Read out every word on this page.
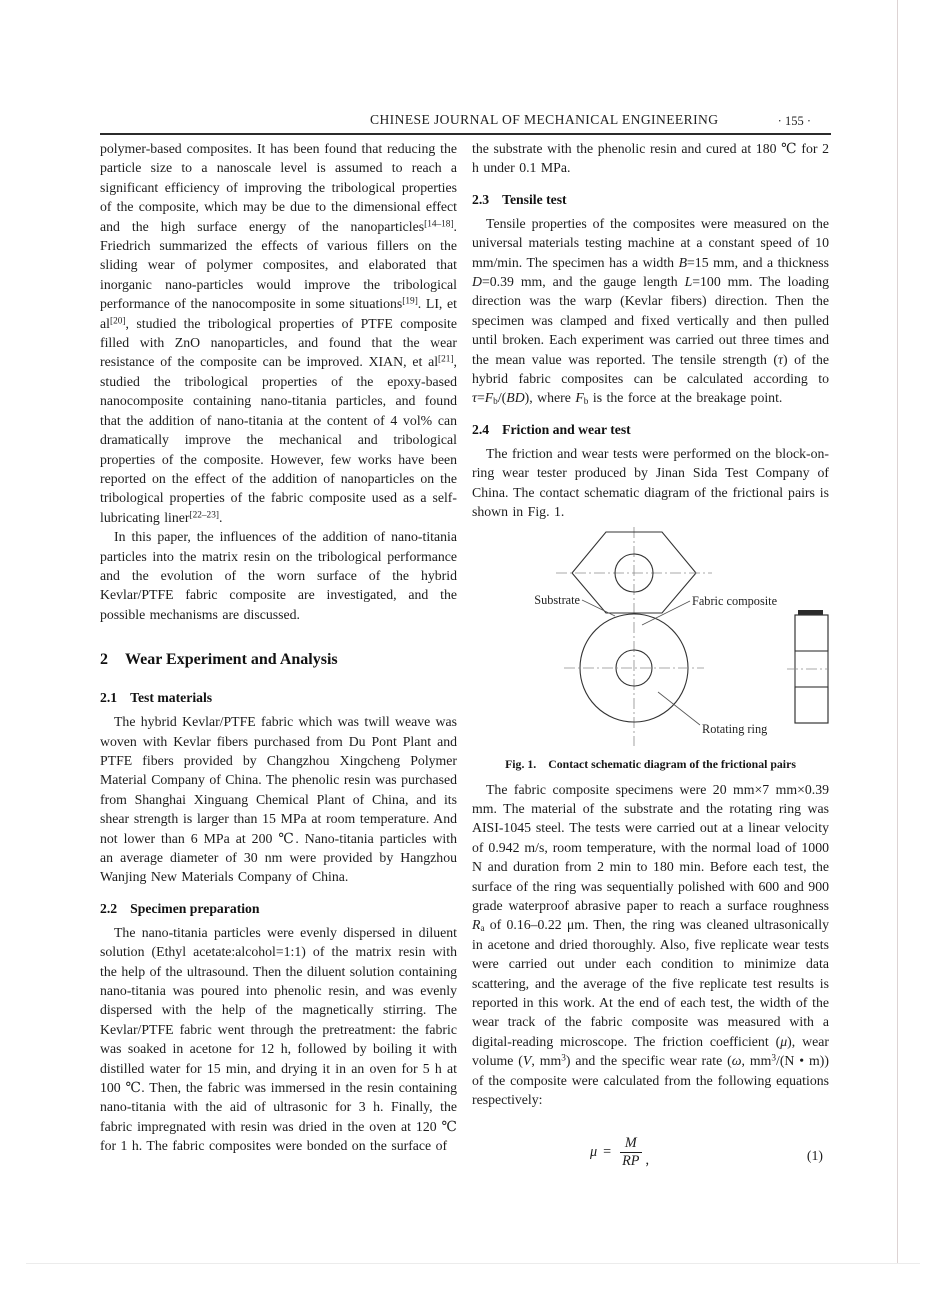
CHINESE JOURNAL OF MECHANICAL ENGINEERING	· 155 ·
polymer-based composites. It has been found that reducing the particle size to a nanoscale level is assumed to reach a significant efficiency of improving the tribological properties of the composite, which may be due to the dimensional effect and the high surface energy of the nanoparticles[14–18]. Friedrich summarized the effects of various fillers on the sliding wear of polymer composites, and elaborated that inorganic nano-particles would improve the tribological performance of the nanocomposite in some situations[19]. LI, et al[20], studied the tribological properties of PTFE composite filled with ZnO nanoparticles, and found that the wear resistance of the composite can be improved. XIAN, et al[21], studied the tribological properties of the epoxy-based nanocomposite containing nano-titania particles, and found that the addition of nano-titania at the content of 4 vol% can dramatically improve the mechanical and tribological properties of the composite. However, few works have been reported on the effect of the addition of nanoparticles on the tribological properties of the fabric composite used as a self-lubricating liner[22–23].
In this paper, the influences of the addition of nano-titania particles into the matrix resin on the tribological performance and the evolution of the worn surface of the hybrid Kevlar/PTFE fabric composite are investigated, and the possible mechanisms are discussed.
2 Wear Experiment and Analysis
2.1 Test materials
The hybrid Kevlar/PTFE fabric which was twill weave was woven with Kevlar fibers purchased from Du Pont Plant and PTFE fibers provided by Changzhou Xingcheng Polymer Material Company of China. The phenolic resin was purchased from Shanghai Xinguang Chemical Plant of China, and its shear strength is larger than 15 MPa at room temperature. And not lower than 6 MPa at 200 ℃. Nano-titania particles with an average diameter of 30 nm were provided by Hangzhou Wanjing New Materials Company of China.
2.2 Specimen preparation
The nano-titania particles were evenly dispersed in diluent solution (Ethyl acetate:alcohol=1:1) of the matrix resin with the help of the ultrasound. Then the diluent solution containing nano-titania was poured into phenolic resin, and was evenly dispersed with the help of the magnetically stirring. The Kevlar/PTFE fabric went through the pretreatment: the fabric was soaked in acetone for 12 h, followed by boiling it with distilled water for 15 min, and drying it in an oven for 5 h at 100 ℃. Then, the fabric was immersed in the resin containing nano-titania with the aid of ultrasonic for 3 h. Finally, the fabric impregnated with resin was dried in the oven at 120 ℃ for 1 h. The fabric composites were bonded on the surface of
the substrate with the phenolic resin and cured at 180 ℃ for 2 h under 0.1 MPa.
2.3 Tensile test
Tensile properties of the composites were measured on the universal materials testing machine at a constant speed of 10 mm/min. The specimen has a width B=15 mm, and a thickness D=0.39 mm, and the gauge length L=100 mm. The loading direction was the warp (Kevlar fibers) direction. Then the specimen was clamped and fixed vertically and then pulled until broken. Each experiment was carried out three times and the mean value was reported. The tensile strength (τ) of the hybrid fabric composites can be calculated according to $\tau=F_b/(BD)$, where $F_b$ is the force at the breakage point.
2.4 Friction and wear test
The friction and wear tests were performed on the block-on-ring wear tester produced by Jinan Sida Test Company of China. The contact schematic diagram of the frictional pairs is shown in Fig. 1.
Substrate	Fabric composite
Rotating ring
Fig. 1. Contact schematic diagram of the frictional pairs
The fabric composite specimens were 20 mm×7 mm×0.39 mm. The material of the substrate and the rotating ring was AISI-1045 steel. The tests were carried out at a linear velocity of 0.942 m/s, room temperature, with the normal load of 1000 N and duration from 2 min to 180 min. Before each test, the surface of the ring was sequentially polished with 600 and 900 grade waterproof abrasive paper to reach a surface roughness $R_a$ of 0.16–0.22 μm. Then, the ring was cleaned ultrasonically in acetone and dried thoroughly. Also, five replicate wear tests were carried out under each condition to minimize data scattering, and the average of the five replicate test results is reported in this work. At the end of each test, the width of the wear track of the fabric composite was measured with a digital-reading microscope. The friction coefficient (μ), wear volume (V, $mm^3$) and the specific wear rate (ω, $mm^3/(N$ • m)) of the composite were calculated from the following equations respectively:
$\mu = \frac{M}{RP}$ ,	(1)
